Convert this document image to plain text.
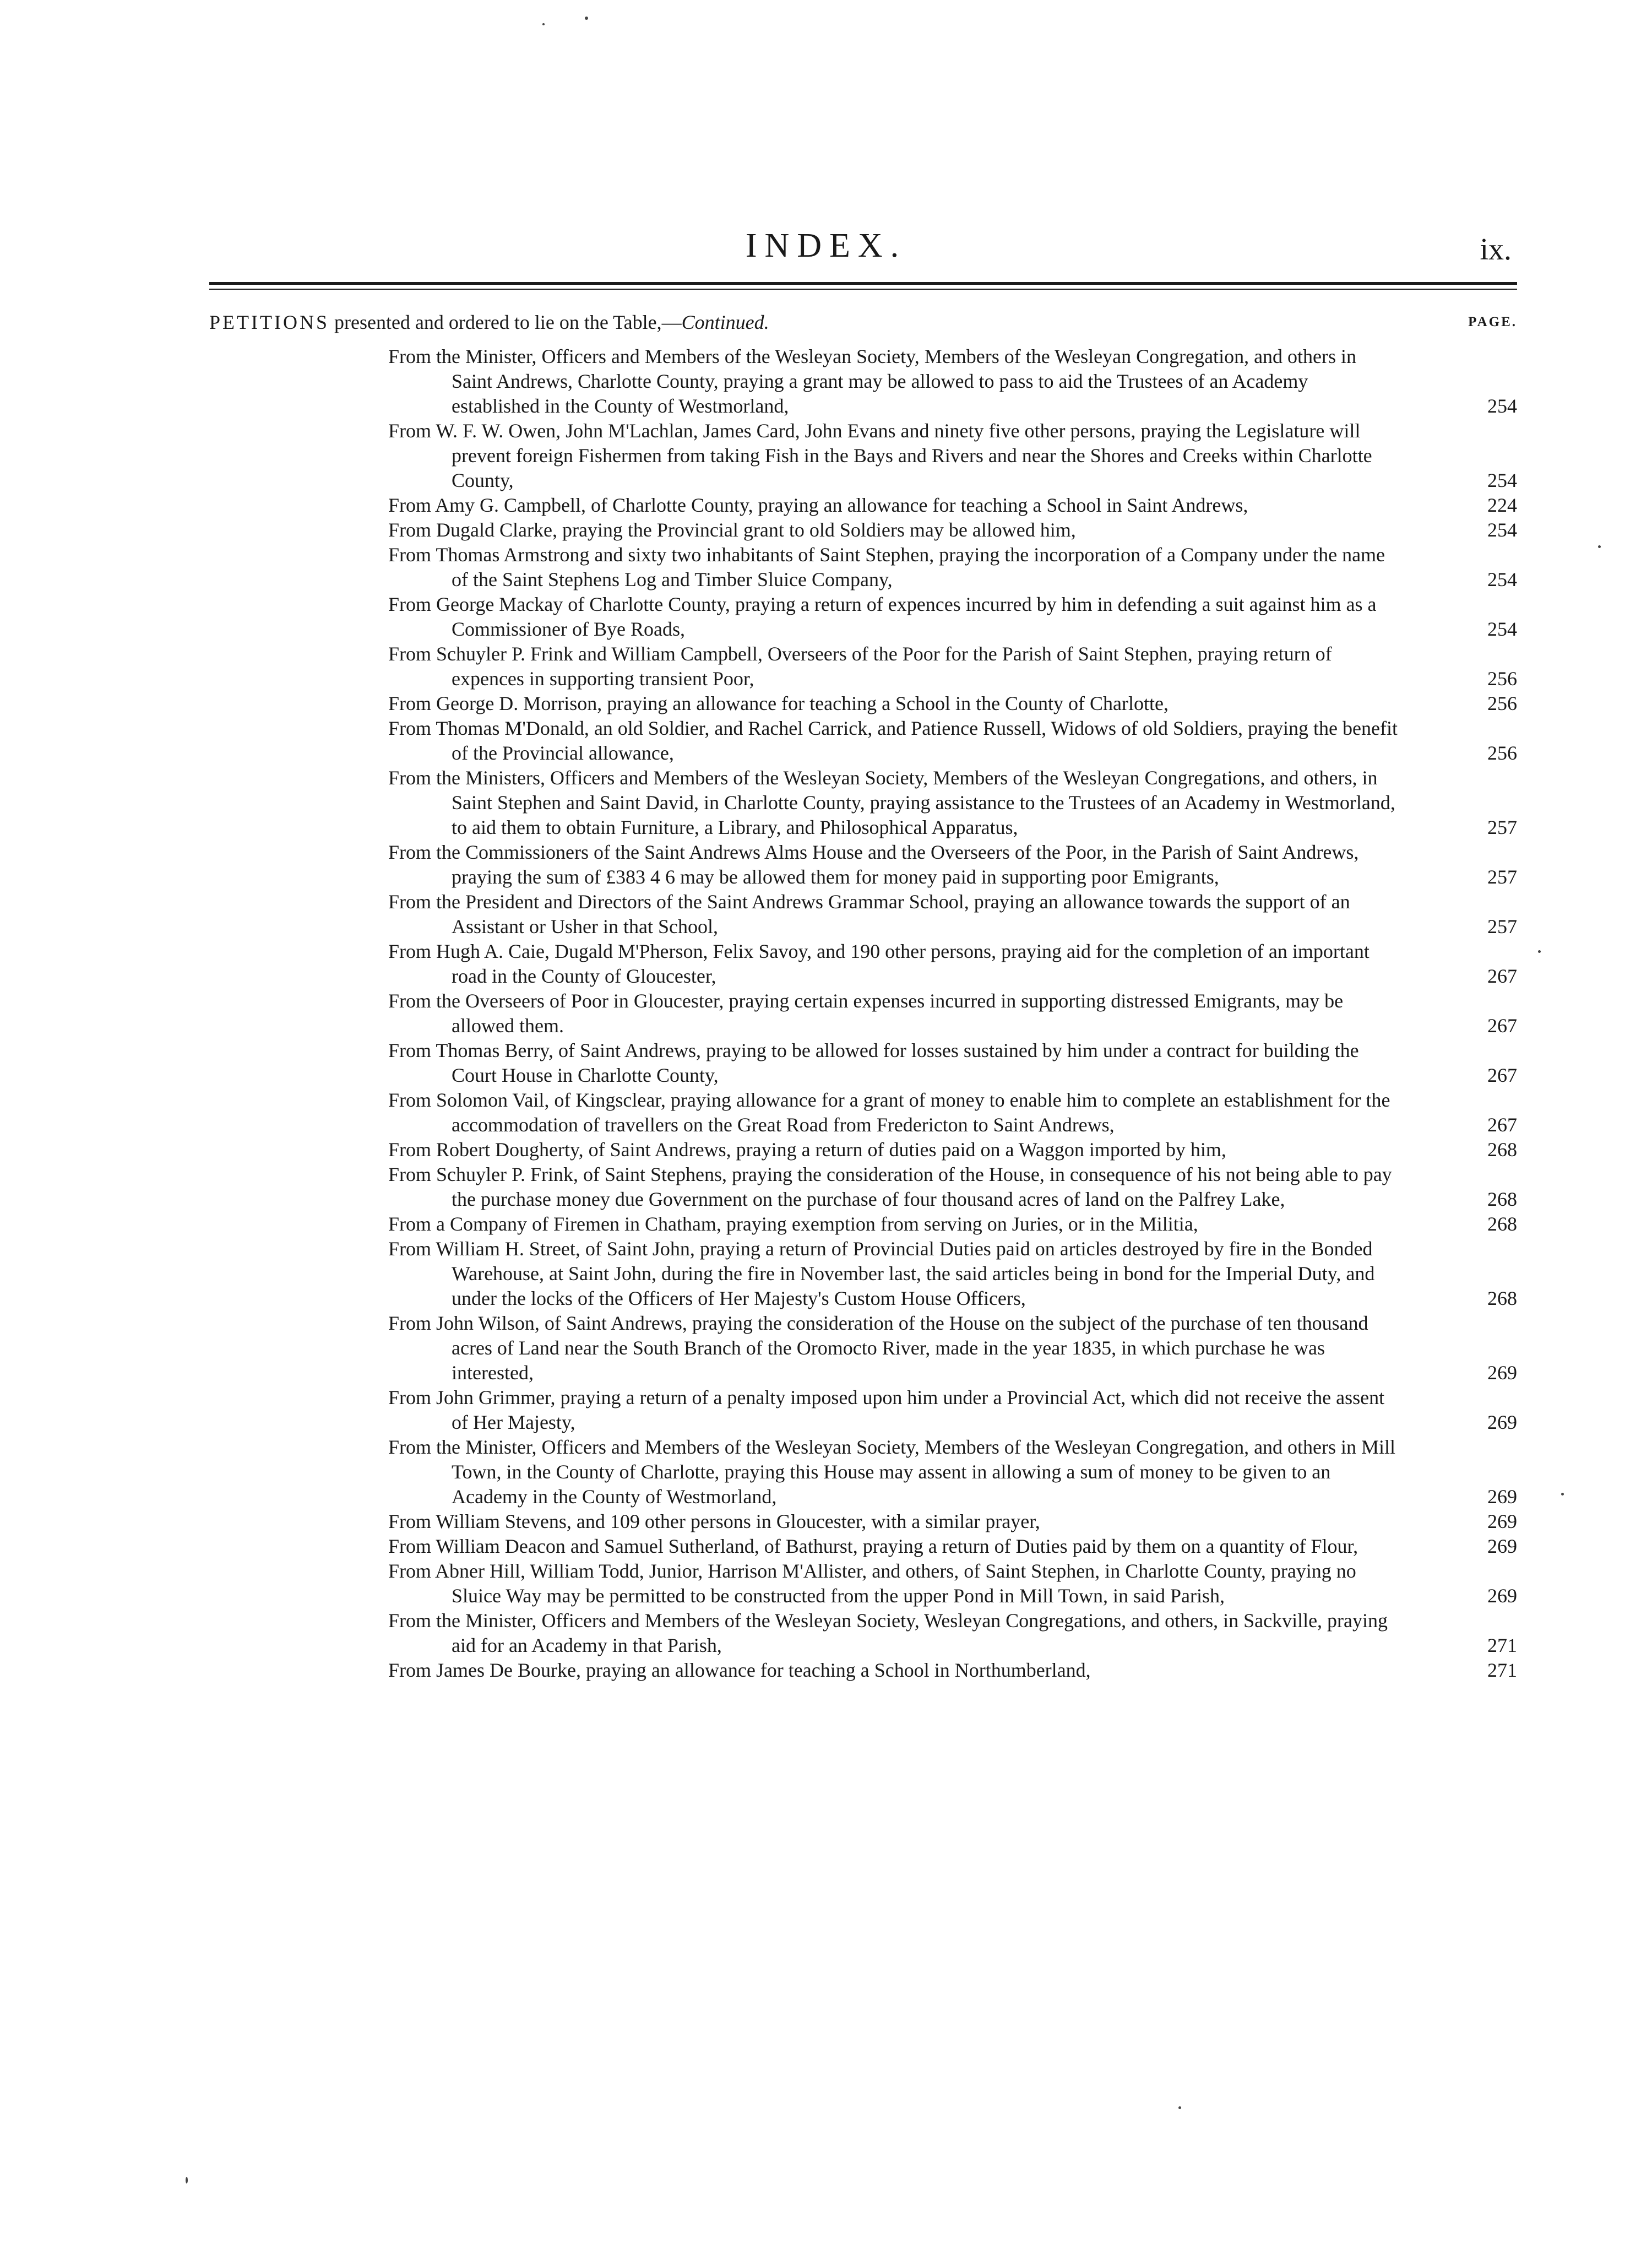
INDEX.	ix.
PETITIONS presented and ordered to lie on the Table,—Continued.	PAGE.
From the Minister, Officers and Members of the Wesleyan Society, Members of the Wesleyan Congregation, and others in Saint Andrews, Charlotte County, praying a grant may be allowed to pass to aid the Trustees of an Academy established in the County of Westmorland,	254
From W. F. W. Owen, John M'Lachlan, James Card, John Evans and ninety five other persons, praying the Legislature will prevent foreign Fishermen from taking Fish in the Bays and Rivers and near the Shores and Creeks within Charlotte County,	254
From Amy G. Campbell, of Charlotte County, praying an allowance for teaching a School in Saint Andrews,	224
From Dugald Clarke, praying the Provincial grant to old Soldiers may be allowed him,	254
From Thomas Armstrong and sixty two inhabitants of Saint Stephen, praying the incorporation of a Company under the name of the Saint Stephens Log and Timber Sluice Company,	254
From George Mackay of Charlotte County, praying a return of expences incurred by him in defending a suit against him as a Commissioner of Bye Roads,	254
From Schuyler P. Frink and William Campbell, Overseers of the Poor for the Parish of Saint Stephen, praying return of expences in supporting transient Poor,	256
From George D. Morrison, praying an allowance for teaching a School in the County of Charlotte,	256
From Thomas M'Donald, an old Soldier, and Rachel Carrick, and Patience Russell, Widows of old Soldiers, praying the benefit of the Provincial allowance,	256
From the Ministers, Officers and Members of the Wesleyan Society, Members of the Wesleyan Congregations, and others, in Saint Stephen and Saint David, in Charlotte County, praying assistance to the Trustees of an Academy in Westmorland, to aid them to obtain Furniture, a Library, and Philosophical Apparatus,	257
From the Commissioners of the Saint Andrews Alms House and the Overseers of the Poor, in the Parish of Saint Andrews, praying the sum of £383 4 6 may be allowed them for money paid in supporting poor Emigrants,	257
From the President and Directors of the Saint Andrews Grammar School, praying an allowance towards the support of an Assistant or Usher in that School,	257
From Hugh A. Caie, Dugald M'Pherson, Felix Savoy, and 190 other persons, praying aid for the completion of an important road in the County of Gloucester,	267
From the Overseers of Poor in Gloucester, praying certain expenses incurred in supporting distressed Emigrants, may be allowed them.	267
From Thomas Berry, of Saint Andrews, praying to be allowed for losses sustained by him under a contract for building the Court House in Charlotte County,	267
From Solomon Vail, of Kingsclear, praying allowance for a grant of money to enable him to complete an establishment for the accommodation of travellers on the Great Road from Fredericton to Saint Andrews,	267
From Robert Dougherty, of Saint Andrews, praying a return of duties paid on a Waggon imported by him,	268
From Schuyler P. Frink, of Saint Stephens, praying the consideration of the House, in consequence of his not being able to pay the purchase money due Government on the purchase of four thousand acres of land on the Palfrey Lake,	268
From a Company of Firemen in Chatham, praying exemption from serving on Juries, or in the Militia,	268
From William H. Street, of Saint John, praying a return of Provincial Duties paid on articles destroyed by fire in the Bonded Warehouse, at Saint John, during the fire in November last, the said articles being in bond for the Imperial Duty, and under the locks of the Officers of Her Majesty's Custom House Officers,	268
From John Wilson, of Saint Andrews, praying the consideration of the House on the subject of the purchase of ten thousand acres of Land near the South Branch of the Oromocto River, made in the year 1835, in which purchase he was interested,	269
From John Grimmer, praying a return of a penalty imposed upon him under a Provincial Act, which did not receive the assent of Her Majesty,	269
From the Minister, Officers and Members of the Wesleyan Society, Members of the Wesleyan Congregation, and others in Mill Town, in the County of Charlotte, praying this House may assent in allowing a sum of money to be given to an Academy in the County of Westmorland,	269
From William Stevens, and 109 other persons in Gloucester, with a similar prayer,	269
From William Deacon and Samuel Sutherland, of Bathurst, praying a return of Duties paid by them on a quantity of Flour,	269
From Abner Hill, William Todd, Junior, Harrison M'Allister, and others, of Saint Stephen, in Charlotte County, praying no Sluice Way may be permitted to be constructed from the upper Pond in Mill Town, in said Parish,	269
From the Minister, Officers and Members of the Wesleyan Society, Wesleyan Congregations, and others, in Sackville, praying aid for an Academy in that Parish,	271
From James De Bourke, praying an allowance for teaching a School in Northumberland,	271
